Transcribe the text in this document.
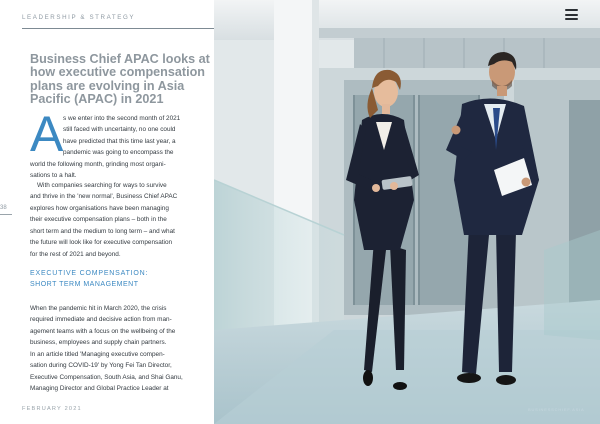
LEADERSHIP & STRATEGY
Business Chief APAC looks at how executive compensation plans are evolving in Asia Pacific (APAC) in 2021
A s we enter into the second month of 2021
still faced with uncertainty, no one could
have predicted that this time last year, a
pandemic was going to encompass the
world the following month, grinding most organi-
sations to a halt.
With companies searching for ways to survive
and thrive in the 'new normal', Business Chief APAC
explores how organisations have been managing
their executive compensation plans – both in the
short term and the medium to long term – and what
the future will look like for executive compensation
for the rest of 2021 and beyond.
EXECUTIVE COMPENSATION:
SHORT TERM MANAGEMENT
When the pandemic hit in March 2020, the crisis
required immediate and decisive action from man-
agement teams with a focus on the wellbeing of the
business, employees and supply chain partners.
In an article titled 'Managing executive compen-
sation during COVID-19' by Yong Fei Tan Director,
Executive Compensation, South Asia, and Shai Ganu,
Managing Director and Global Practice Leader at
38
FEBRUARY 2021	BUSINESSCHIEF.ASIA
